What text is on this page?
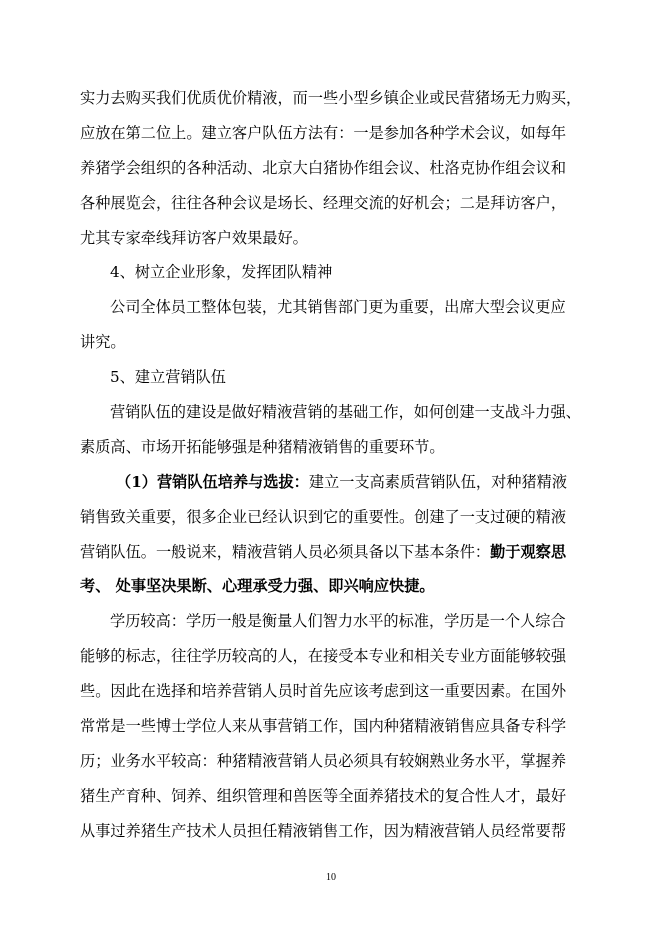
实力去购买我们优质优价精液，而一些小型乡镇企业或民营猪场无力购买，
应放在第二位上。建立客户队伍方法有：一是参加各种学术会议，如每年
养猪学会组织的各种活动、北京大白猪协作组会议、杜洛克协作组会议和
各种展览会，往往各种会议是场长、经理交流的好机会；二是拜访客户，
尤其专家牵线拜访客户效果最好。
4、树立企业形象，发挥团队精神
公司全体员工整体包装，尤其销售部门更为重要，出席大型会议更应
讲究。
5、建立营销队伍
营销队伍的建设是做好精液营销的基础工作，如何创建一支战斗力强、
素质高、市场开拓能够强是种猪精液销售的重要环节。
（1）营销队伍培养与选拔：建立一支高素质营销队伍，对种猪精液
销售致关重要，很多企业已经认识到它的重要性。创建了一支过硬的精液
营销队伍。一般说来，精液营销人员必须具备以下基本条件：勤于观察思
考、 处事坚决果断、心理承受力强、即兴响应快捷。
学历较高：学历一般是衡量人们智力水平的标准，学历是一个人综合
能够的标志，往往学历较高的人，在接受本专业和相关专业方面能够较强
些。因此在选择和培养营销人员时首先应该考虑到这一重要因素。在国外
常常是一些博士学位人来从事营销工作，国内种猪精液销售应具备专科学
历；业务水平较高：种猪精液营销人员必须具有较娴熟业务水平，掌握养
猪生产育种、饲养、组织管理和兽医等全面养猪技术的复合性人才，最好
从事过养猪生产技术人员担任精液销售工作，因为精液营销人员经常要帮
10
